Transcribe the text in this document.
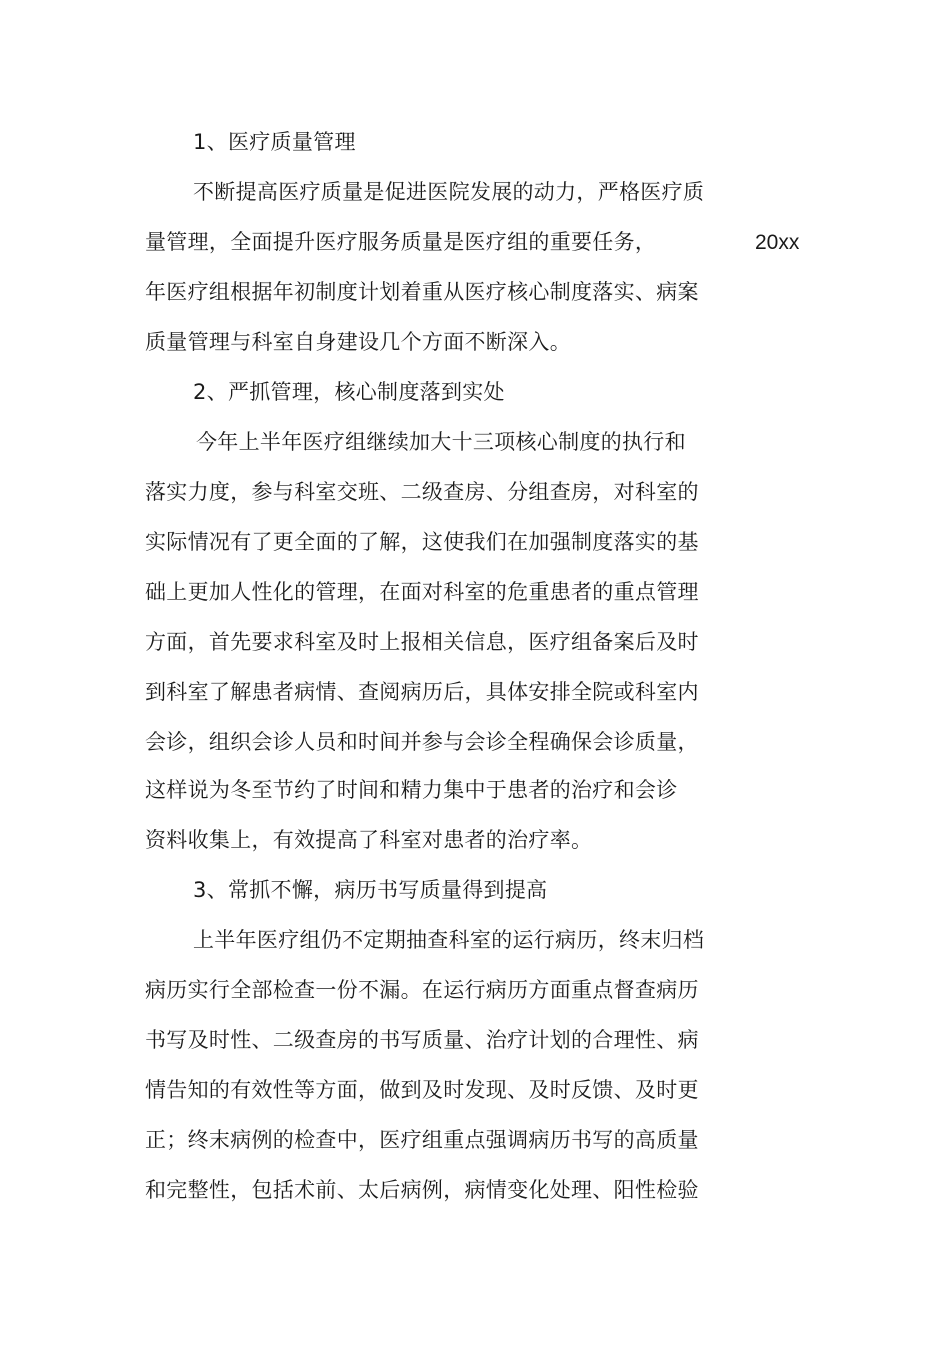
1、医疗质量管理
不断提高医疗质量是促进医院发展的动力，严格医疗质
量管理，全面提升医疗服务质量是医疗组的重要任务，	20xx
年医疗组根据年初制度计划着重从医疗核心制度落实、病案
质量管理与科室自身建设几个方面不断深入。
2、严抓管理，核心制度落到实处
今年上半年医疗组继续加大十三项核心制度的执行和
落实力度，参与科室交班、二级查房、分组查房，对科室的
实际情况有了更全面的了解，这使我们在加强制度落实的基
础上更加人性化的管理，在面对科室的危重患者的重点管理
方面，首先要求科室及时上报相关信息，医疗组备案后及时
到科室了解患者病情、查阅病历后，具体安排全院或科室内
会诊，组织会诊人员和时间并参与会诊全程确保会诊质量，
这样说为冬至节约了时间和精力集中于患者的治疗和会诊
资料收集上，有效提高了科室对患者的治疗率。
3、常抓不懈，病历书写质量得到提高
上半年医疗组仍不定期抽查科室的运行病历，终末归档
病历实行全部检查一份不漏。在运行病历方面重点督查病历
书写及时性、二级查房的书写质量、治疗计划的合理性、病
情告知的有效性等方面，做到及时发现、及时反馈、及时更
正；终末病例的检查中，医疗组重点强调病历书写的高质量
和完整性，包括术前、太后病例，病情变化处理、阳性检验
